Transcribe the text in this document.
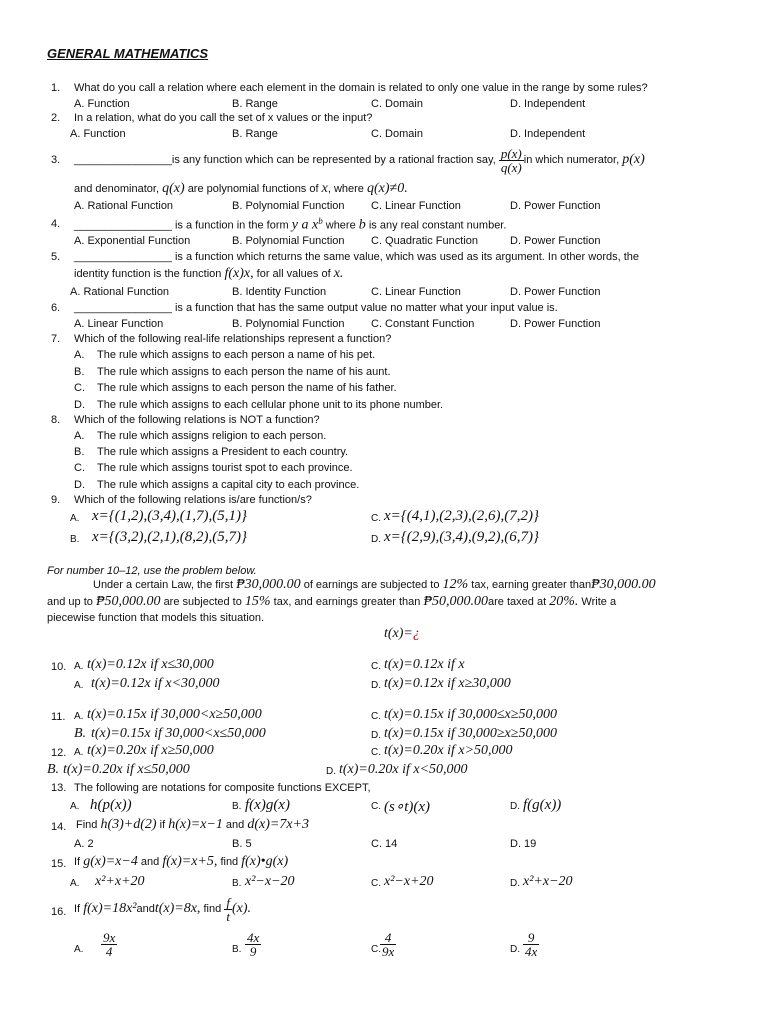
GENERAL MATHEMATICS
1. What do you call a relation where each element in the domain is related to only one value in the range by some rules?
A. Function	B. Range	C. Domain	D. Independent
2. In a relation, what do you call the set of x values or the input?
A. Function	B. Range	C. Domain	D. Independent
3. ________________is any function which can be represented by a rational fraction say, $\frac{p(x)}{q(x)}$ in which numerator, p(x)
and denominator, q(x) are polynomial functions of x, where q(x)≠0.
A. Rational Function	B. Polynomial Function C. Linear Function	D. Power Function
4. ________________ is a function in the form y a $x^b$ where b is any real constant number.
A. Exponential Function	B. Polynomial Function C. Quadratic Function	D. Power Function
5. ________________ is a function which returns the same value, which was used as its argument. In other words, the
identity function is the function f(x)x, for all values of x.
A. Rational Function	B. Identity Function	C. Linear Function	D. Power Function
6. ________________ is a function that has the same output value no matter what your input value is.
A. Linear Function	B. Polynomial Function C. Constant Function	D. Power Function
7. Which of the following real-life relationships represent a function?
A. The rule which assigns to each person a name of his pet.
B. The rule which assigns to each person the name of his aunt.
C. The rule which assigns to each person the name of his father.
D. The rule which assigns to each cellular phone unit to its phone number.
8. Which of the following relations is NOT a function?
A. The rule which assigns religion to each person.
B. The rule which assigns a President to each country.
C. The rule which assigns tourist spot to each province.
D. The rule which assigns a capital city to each province.
9. Which of the following relations is/are function/s?
A. x={(1,2),(3,4),(1,7),(5,1)}
B. x={(3,2),(2,1),(8,2),(5,7)}
C. x={(4,1),(2,3),(2,6),(7,2)}
D. x={(2,9),(3,4),(9,2),(6,7)}
For number 10–12, use the problem below.
Under a certain Law, the first ₱30,000.00 of earnings are subjected to 12% tax, earning greater than₱30,000.00
and up to ₱50,000.00 are subjected to 15% tax, and earnings greater than ₱50,000.00are taxed at 20%. Write a
piecewise function that models this situation.
t(x)=¿
10. A. t(x)=0.12x if x≤30,000
A. t(x)=0.12x if x<30,000
C. t(x)=0.12x if x
D. t(x)=0.12x if x≥30,000
11. A. t(x)=0.15x if 30,000<x≥50,000
B. t(x)=0.15x if 30,000<x≤50,000
C. t(x)=0.15x if 30,000≤x≥50,000
D. t(x)=0.15x if 30,000≥x≥50,000
12. A. t(x)=0.20x if x≥50,000
B. t(x)=0.20x if x≤50,000
C. t(x)=0.20x if x>50,000
D. t(x)=0.20x if x<50,000
13. The following are notations for composite functions EXCEPT,
A. h(p(x))	B. f(x)g(x)	C. (s∘t)(x)	D. f(g(x))
14. Find h(3)+d(2) if h(x)=x−1 and d(x)=7x+3
A. 2	B. 5	C. 14	D. 19
15. If g(x)=x−4 and f(x)=x+5, find f(x)•g(x)
A. x²+x+20	B. x²−x−20	C. x²−x+20	D. x²+x−20
16. If f(x)=18x²andt(x)=8x, find $\frac{f}{t} (x)$.
A. $\frac{9x}{4}$	B. $\frac{4x}{9}$	C. $\frac{4}{9x}$	D. $\frac{9}{4x}$
